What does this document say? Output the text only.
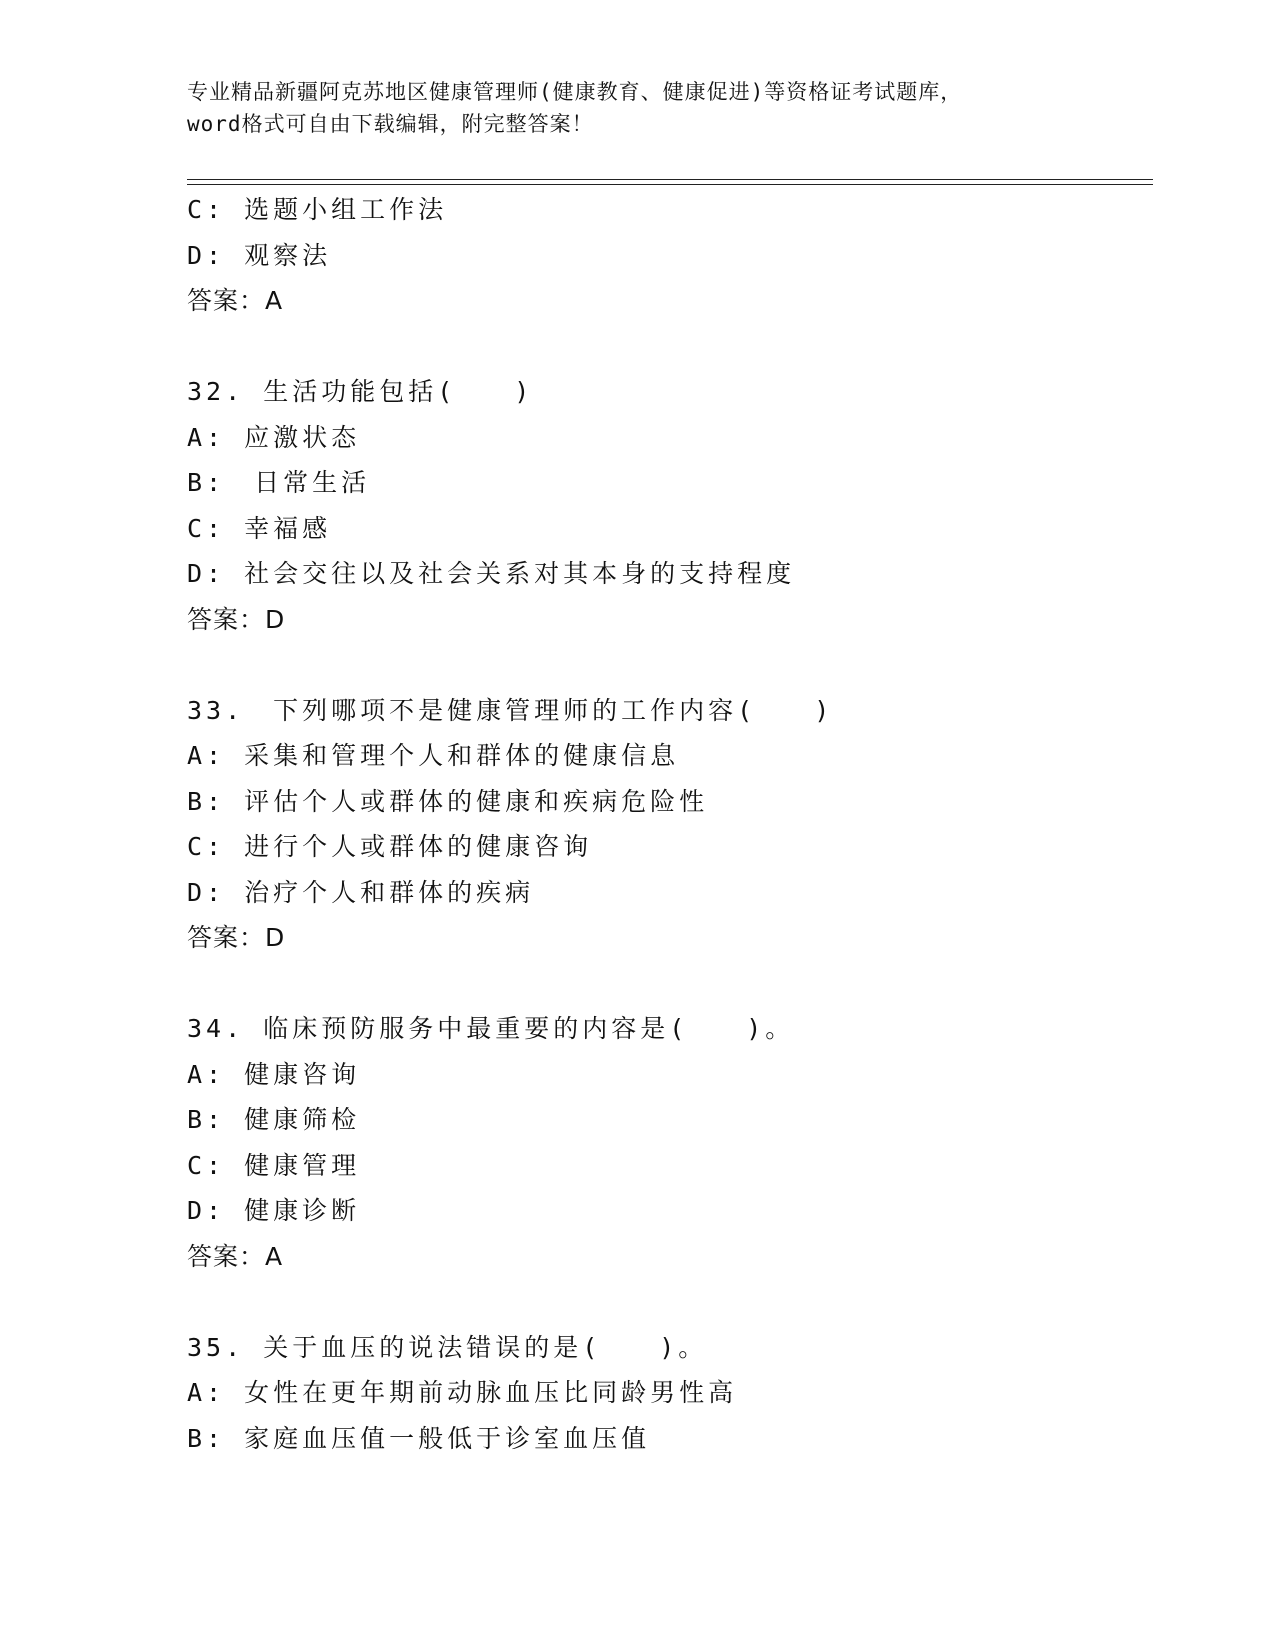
专业精品新疆阿克苏地区健康管理师(健康教育、健康促进)等资格证考试题库，
word格式可自由下载编辑，附完整答案！
C: 选题小组工作法
D: 观察法
答案：A
32. 生活功能包括(　　)
A: 应激状态
B:　日常生活
C: 幸福感
D: 社会交往以及社会关系对其本身的支持程度
答案：D
33.　下列哪项不是健康管理师的工作内容(　　)
A: 采集和管理个人和群体的健康信息
B: 评估个人或群体的健康和疾病危险性
C: 进行个人或群体的健康咨询
D: 治疗个人和群体的疾病
答案：D
34. 临床预防服务中最重要的内容是(　　)。
A: 健康咨询
B: 健康筛检
C: 健康管理
D: 健康诊断
答案：A
35. 关于血压的说法错误的是(　　)。
A: 女性在更年期前动脉血压比同龄男性高
B: 家庭血压值一般低于诊室血压值
